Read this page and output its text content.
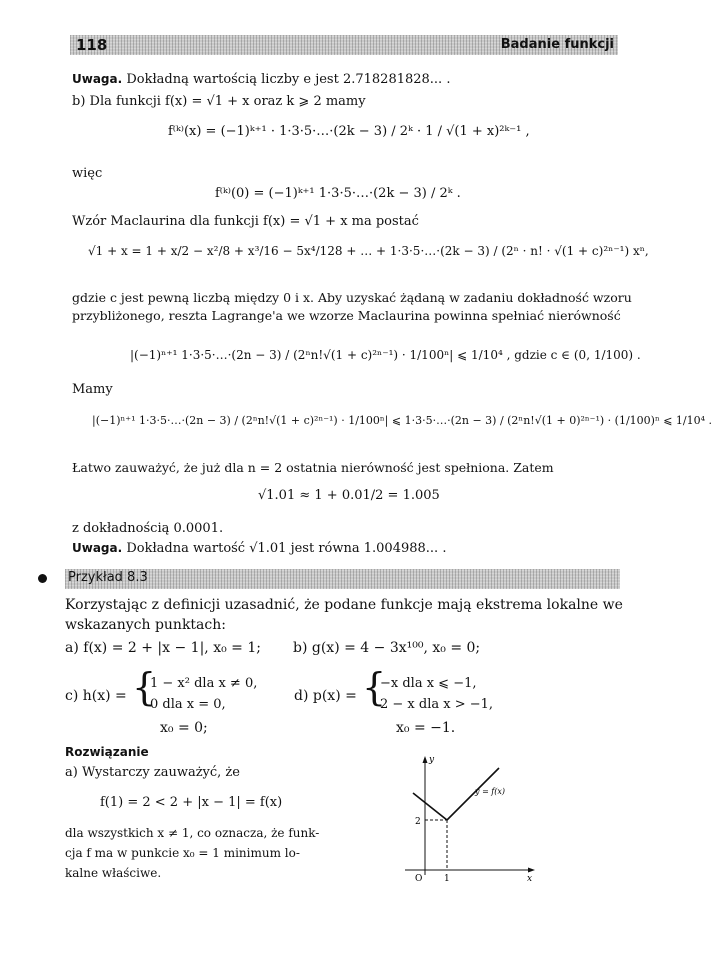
118	Badanie funkcji
Uwaga. Dokładną wartością liczby e jest 2.718281828... .
b) Dla funkcji f(x) = √1 + x oraz k ⩾ 2 mamy
f⁽ᵏ⁾(x) = (−1)ᵏ⁺¹ · 1·3·5·…·(2k − 3) / 2ᵏ · 1 / √(1 + x)²ᵏ⁻¹ ,
więc
f⁽ᵏ⁾(0) = (−1)ᵏ⁺¹ 1·3·5·…·(2k − 3) / 2ᵏ .
Wzór Maclaurina dla funkcji f(x) = √1 + x ma postać
√1 + x = 1 + x/2 − x²/8 + x³/16 − 5x⁴/128 + … + 1·3·5·…·(2k − 3) / (2ⁿ · n! · √(1 + c)²ⁿ⁻¹) xⁿ,
gdzie c jest pewną liczbą między 0 i x. Aby uzyskać żądaną w zadaniu dokładność wzoru
przybliżonego, reszta Lagrange'a we wzorze Maclaurina powinna spełniać nierówność
|(−1)ⁿ⁺¹ 1·3·5·…·(2n − 3) / (2ⁿn!√(1 + c)²ⁿ⁻¹) · 1/100ⁿ| ⩽ 1/10⁴ , gdzie c ∈ (0, 1/100) .
Mamy
|(−1)ⁿ⁺¹ 1·3·5·…·(2n − 3) / (2ⁿn!√(1 + c)²ⁿ⁻¹) · 1/100ⁿ| ⩽ 1·3·5·…·(2n − 3) / (2ⁿn!√(1 + 0)²ⁿ⁻¹) · (1/100)ⁿ ⩽ 1/10⁴ .
Łatwo zauważyć, że już dla n = 2 ostatnia nierówność jest spełniona. Zatem
√1.01 ≈ 1 + 0.01/2 = 1.005
z dokładnością 0.0001.
Uwaga. Dokładna wartość √1.01 jest równa 1.004988... .
Przykład 8.3
Korzystając z definicji uzasadnić, że podane funkcje mają ekstrema lokalne we
wskazanych punktach:
a) f(x) = 2 + |x − 1|, x₀ = 1; b) g(x) = 4 − 3x¹⁰⁰, x₀ = 0;
c) h(x) = {
1 − x² dla x ≠ 0,
0 dla x = 0,
x₀ = 0;
d) p(x) = {
−x dla x ⩽ −1,
2 − x dla x > −1,
x₀ = −1.
Rozwiązanie
a) Wystarczy zauważyć, że
f(1) = 2 < 2 + |x − 1| = f(x)
dla wszystkich x ≠ 1, co oznacza, że funk-
cja f ma w punkcie x₀ = 1 minimum lo-
kalne właściwe.
y
x
y = f(x)
2
1
O
